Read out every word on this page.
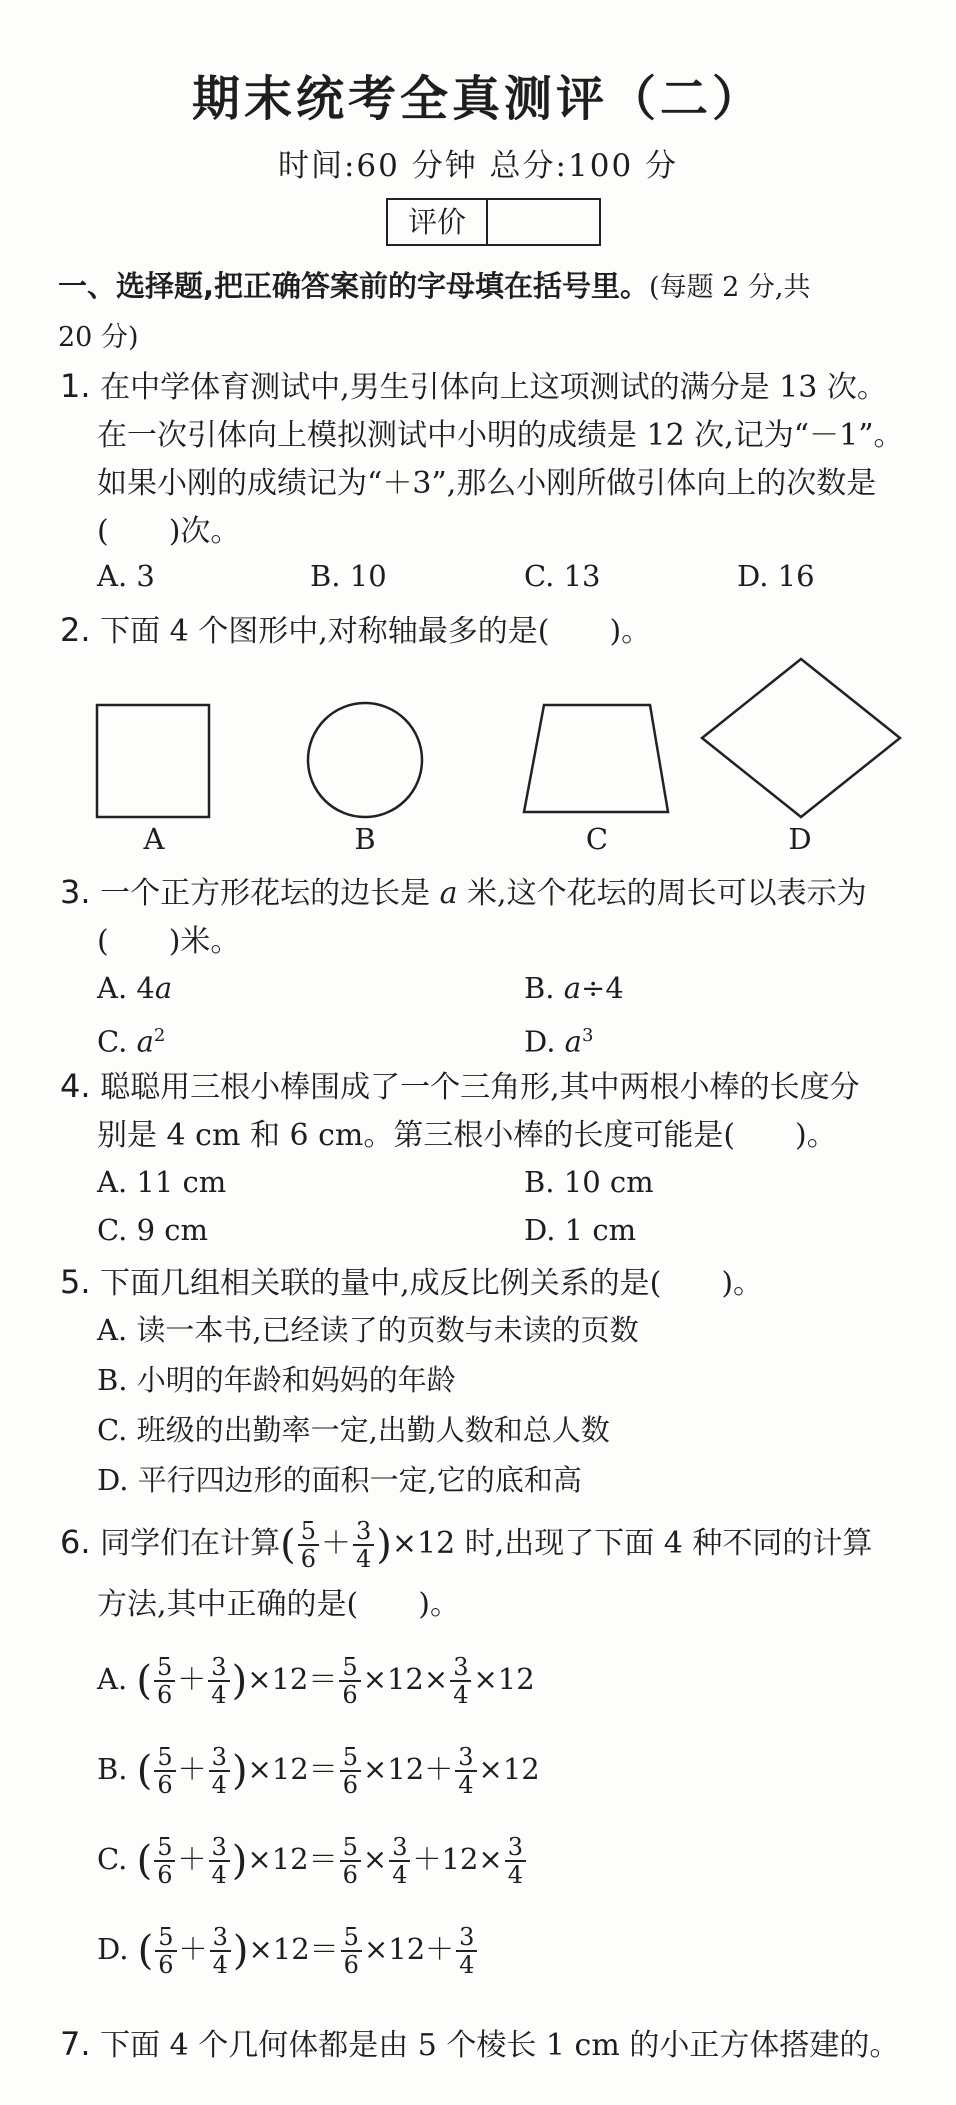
期末统考全真测评（二）
时间:60 分钟 总分:100 分
评价
一、选择题,把正确答案前的字母填在括号里。(每题 2 分,共
20 分)
1. 在中学体育测试中,男生引体向上这项测试的满分是 13 次。
在一次引体向上模拟测试中小明的成绩是 12 次,记为“－1”。
如果小刚的成绩记为“＋3”,那么小刚所做引体向上的次数是
(　　)次。
A. 3	B. 10	C. 13	D. 16
2. 下面 4 个图形中,对称轴最多的是(　　)。
A	B	C	D
3. 一个正方形花坛的边长是 a 米,这个花坛的周长可以表示为
(　　)米。
A. 4a	B. a÷4
C. $a^2$	D. $a^3$
4. 聪聪用三根小棒围成了一个三角形,其中两根小棒的长度分
别是 4 cm 和 6 cm。第三根小棒的长度可能是(　　)。
A. 11 cm	B. 10 cm
C. 9 cm	D. 1 cm
5. 下面几组相关联的量中,成反比例关系的是(　　)。
A. 读一本书,已经读了的页数与未读的页数
B. 小明的年龄和妈妈的年龄
C. 班级的出勤率一定,出勤人数和总人数
D. 平行四边形的面积一定,它的底和高
6. 同学们在计算( $\frac{5}{6} + \frac{3}{4} )\times 12$ 时,出现了下面 4 种不同的计算
方法,其中正确的是(　　)。
A. ( $\frac{5}{6} + \frac{3}{4} )\times 12= \frac{5}{6} \times 12\times \frac{3}{4} \times 12$
B. ( $\frac{5}{6} + \frac{3}{4} )\times 12= \frac{5}{6} \times 12+ \frac{3}{4} \times 12$
C. ( $\frac{5}{6} + \frac{3}{4} )\times 12= \frac{5}{6} \times \frac{3}{4} +12\times \frac{3}{4}$
D. ( $\frac{5}{6} + \frac{3}{4} )\times 12= \frac{5}{6} \times 12+ \frac{3}{4}$
7. 下面 4 个几何体都是由 5 个棱长 1 cm 的小正方体搭建的。
